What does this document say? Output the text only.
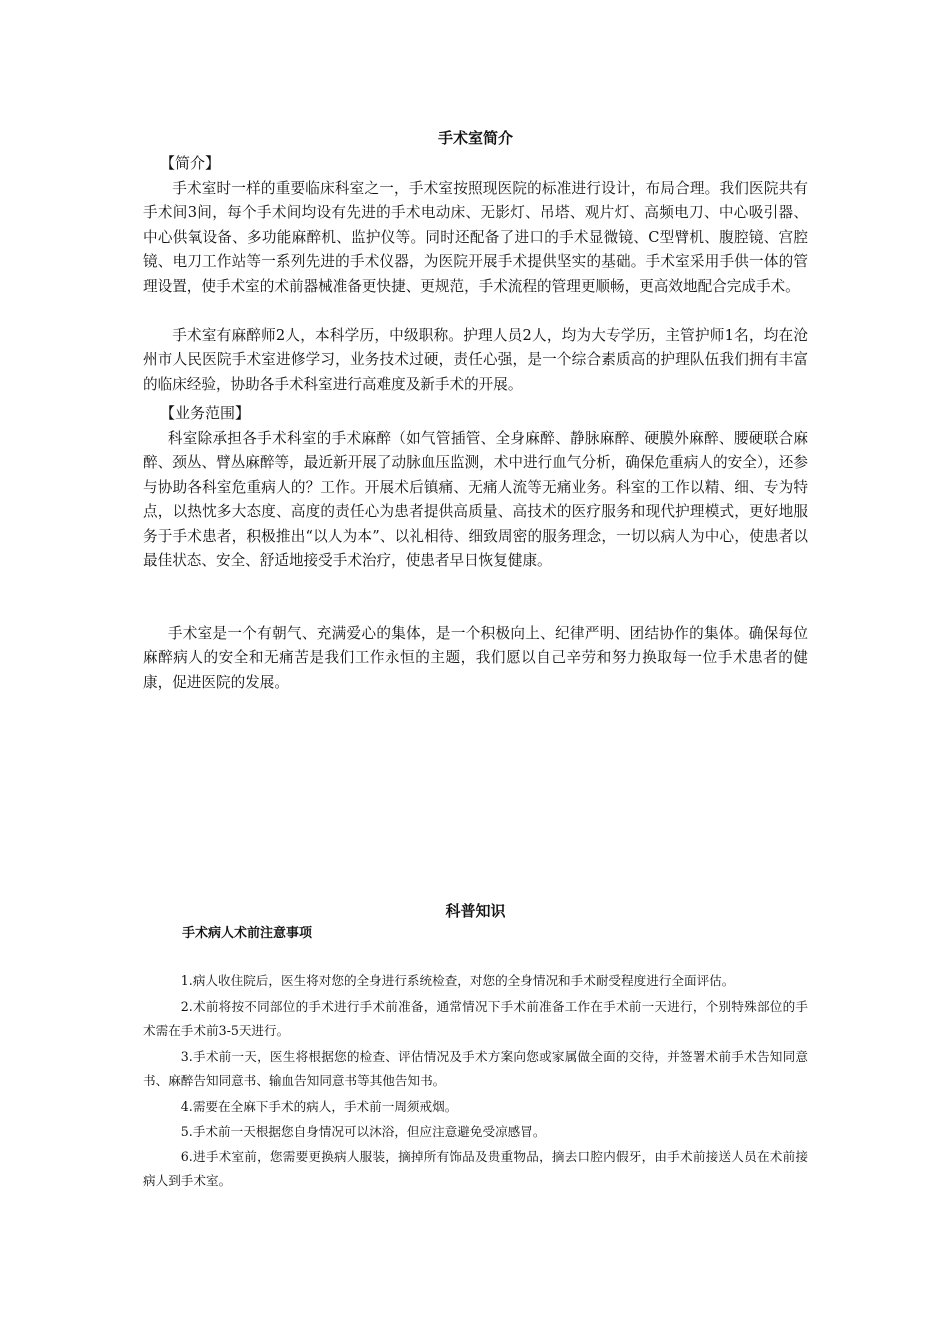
手术室简介

【简介】

手术室时一样的重要临床科室之一，手术室按照现医院的标准进行设计，布局合理。我们医院共有手术间3间，每个手术间均设有先进的手术电动床、无影灯、吊塔、观片灯、高频电刀、中心吸引器、中心供氧设备、多功能麻醉机、监护仪等。同时还配备了进口的手术显微镜、C型臂机、腹腔镜、宫腔镜、电刀工作站等一系列先进的手术仪器，为医院开展手术提供坚实的基础。手术室采用手供一体的管理设置，使手术室的术前器械准备更快捷、更规范，手术流程的管理更顺畅，更高效地配合完成手术。

手术室有麻醉师2人，本科学历，中级职称。护理人员2人，均为大专学历，主管护师1名，均在沧州市人民医院手术室进修学习，业务技术过硬，责任心强，是一个综合素质高的护理队伍我们拥有丰富的临床经验，协助各手术科室进行高难度及新手术的开展。

【业务范围】

科室除承担各手术科室的手术麻醉（如气管插管、全身麻醉、静脉麻醉、硬膜外麻醉、腰硬联合麻醉、颈丛、臂丛麻醉等，最近新开展了动脉血压监测，术中进行血气分析，确保危重病人的安全），还参与协助各科室危重病人的？工作。开展术后镇痛、无痛人流等无痛业务。科室的工作以精、细、专为特点，以热忱多大态度、高度的责任心为患者提供高质量、高技术的医疗服务和现代护理模式，更好地服务于手术患者，积极推出“以人为本”、以礼相待、细致周密的服务理念，一切以病人为中心，使患者以最佳状态、安全、舒适地接受手术治疗，使患者早日恢复健康。

手术室是一个有朝气、充满爱心的集体，是一个积极向上、纪律严明、团结协作的集体。确保每位麻醉病人的安全和无痛苦是我们工作永恒的主题，我们愿以自己辛劳和努力换取每一位手术患者的健康，促进医院的发展。

科普知识

手术病人术前注意事项

1.病人收住院后，医生将对您的全身进行系统检查，对您的全身情况和手术耐受程度进行全面评估。

2.术前将按不同部位的手术进行手术前准备，通常情况下手术前准备工作在手术前一天进行，个别特殊部位的手术需在手术前3-5天进行。

3.手术前一天，医生将根据您的检查、评估情况及手术方案向您或家属做全面的交待，并签署术前手术告知同意书、麻醉告知同意书、输血告知同意书等其他告知书。

4.需要在全麻下手术的病人，手术前一周须戒烟。

5.手术前一天根据您自身情况可以沐浴，但应注意避免受凉感冒。

6.进手术室前，您需要更换病人服装，摘掉所有饰品及贵重物品，摘去口腔内假牙，由手术前接送人员在术前接病人到手术室。
